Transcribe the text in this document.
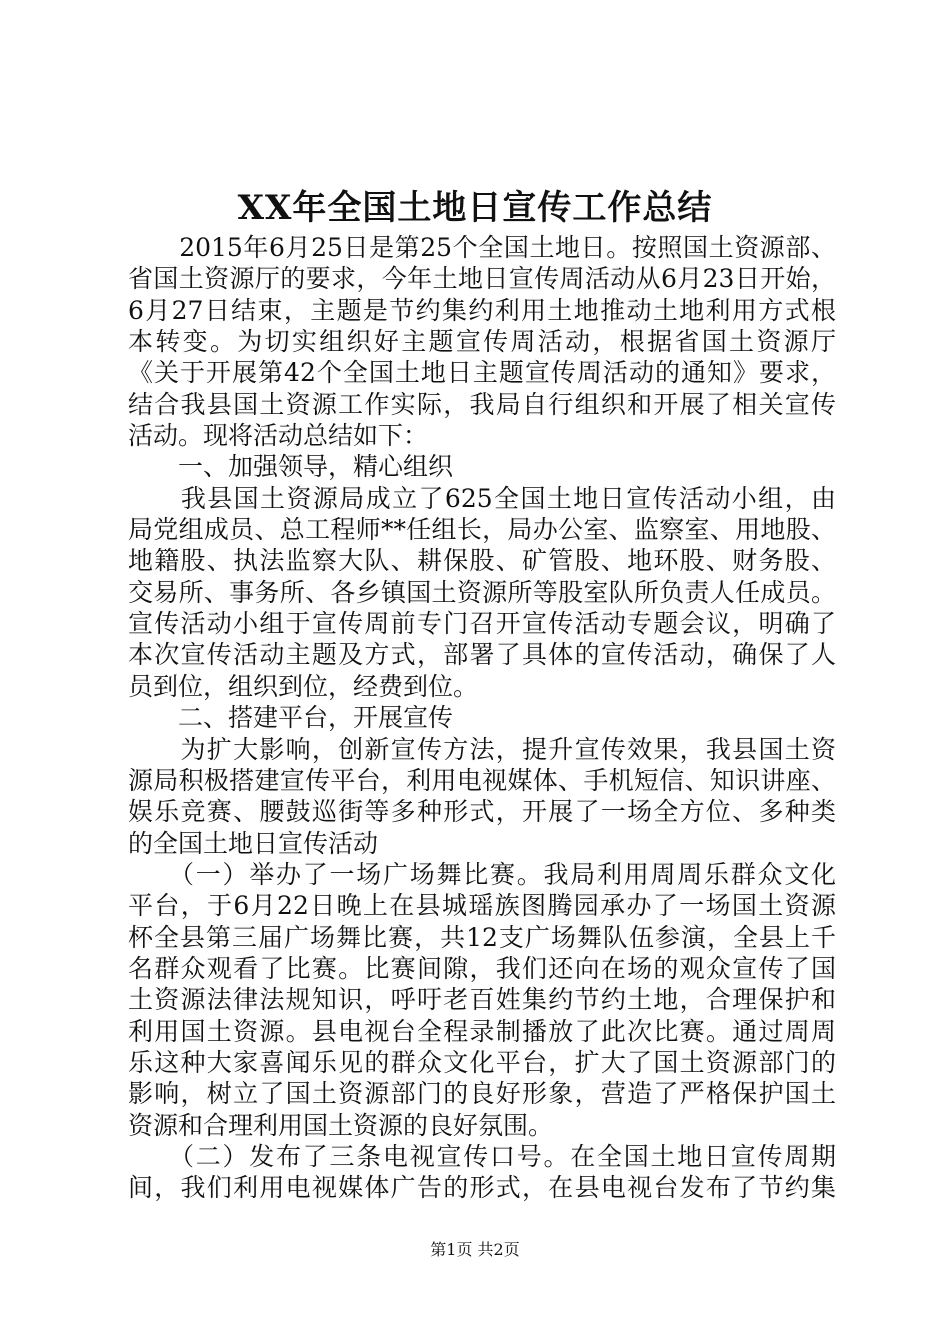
XX年全国土地日宣传工作总结
　　2015年6月25日是第25个全国土地日。按照国土资源部、
省国土资源厅的要求，今年土地日宣传周活动从6月23日开始，
6月27日结束，主题是节约集约利用土地推动土地利用方式根
本转变。为切实组织好主题宣传周活动，根据省国土资源厅
《关于开展第42个全国土地日主题宣传周活动的通知》要求，
结合我县国土资源工作实际，我局自行组织和开展了相关宣传
活动。现将活动总结如下：
　　一、加强领导，精心组织
　　我县国土资源局成立了625全国土地日宣传活动小组，由
局党组成员、总工程师**任组长，局办公室、监察室、用地股、
地籍股、执法监察大队、耕保股、矿管股、地环股、财务股、
交易所、事务所、各乡镇国土资源所等股室队所负责人任成员。
宣传活动小组于宣传周前专门召开宣传活动专题会议，明确了
本次宣传活动主题及方式，部署了具体的宣传活动，确保了人
员到位，组织到位，经费到位。
　　二、搭建平台，开展宣传
　　为扩大影响，创新宣传方法，提升宣传效果，我县国土资
源局积极搭建宣传平台，利用电视媒体、手机短信、知识讲座、
娱乐竞赛、腰鼓巡街等多种形式，开展了一场全方位、多种类
的全国土地日宣传活动
　　（一）举办了一场广场舞比赛。我局利用周周乐群众文化
平台，于6月22日晚上在县城瑶族图腾园承办了一场国土资源
杯全县第三届广场舞比赛，共12支广场舞队伍参演，全县上千
名群众观看了比赛。比赛间隙，我们还向在场的观众宣传了国
土资源法律法规知识，呼吁老百姓集约节约土地，合理保护和
利用国土资源。县电视台全程录制播放了此次比赛。通过周周
乐这种大家喜闻乐见的群众文化平台，扩大了国土资源部门的
影响，树立了国土资源部门的良好形象，营造了严格保护国土
资源和合理利用国土资源的良好氛围。
　　（二）发布了三条电视宣传口号。在全国土地日宣传周期
间，我们利用电视媒体广告的形式，在县电视台发布了节约集
第1页 共2页
